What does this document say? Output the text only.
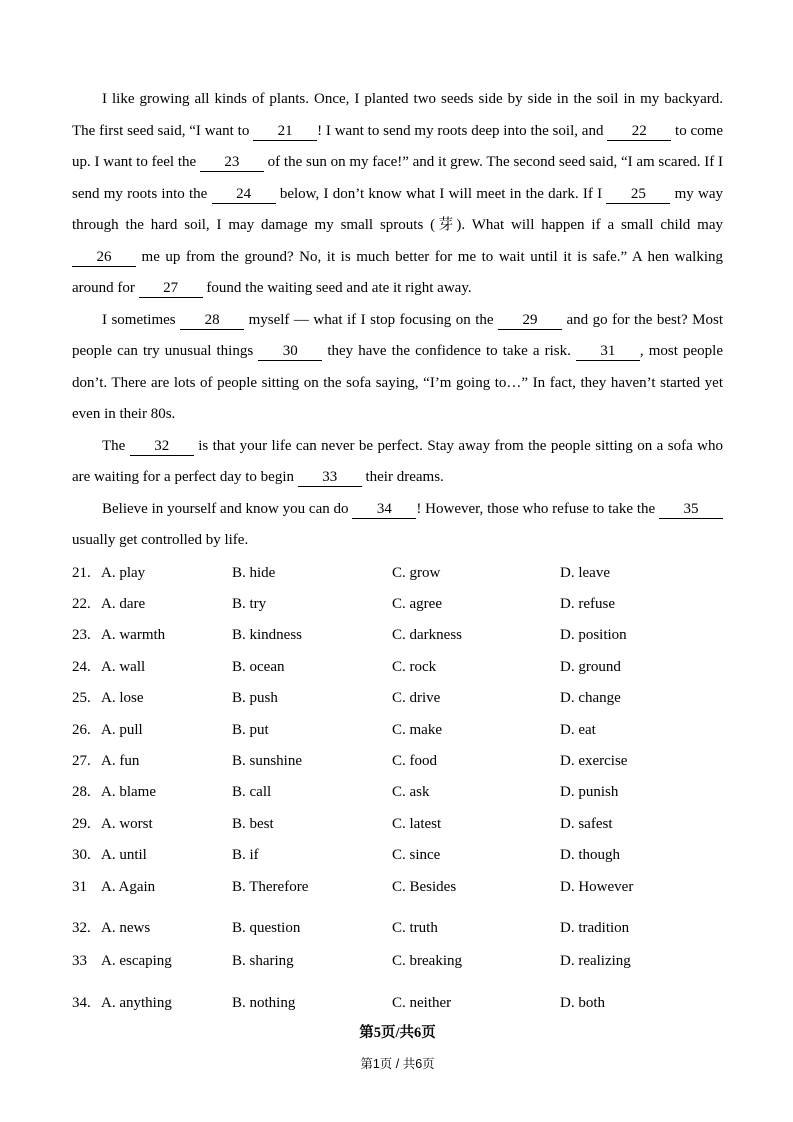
I like growing all kinds of plants. Once, I planted two seeds side by side in the soil in my backyard. The first seed said, “I want to 21 ! I want to send my roots deep into the soil, and 22 to come up. I want to feel the 23 of the sun on my face!” and it grew. The second seed said, “I am scared. If I send my roots into the 24 below, I don’t know what I will meet in the dark. If I 25 my way through the hard soil, I may damage my small sprouts (芽). What will happen if a small child may 26 me up from the ground? No, it is much better for me to wait until it is safe.” A hen walking around for 27 found the waiting seed and ate it right away.

I sometimes 28 myself — what if I stop focusing on the 29 and go for the best? Most people can try unusual things 30 they have the confidence to take a risk. 31 , most people don’t. There are lots of people sitting on the sofa saying, “I’m going to…” In fact, they haven’t started yet even in their 80s.

The 32 is that your life can never be perfect. Stay away from the people sitting on a sofa who are waiting for a perfect day to begin 33 their dreams.

Believe in yourself and know you can do 34 ! However, those who refuse to take the 35 usually get controlled by life.

21. A. play	B. hide	C. grow	D. leave
22. A. dare	B. try	C. agree	D. refuse
23. A. warmth	B. kindness	C. darkness	D. position
24. A. wall	B. ocean	C. rock	D. ground
25. A. lose	B. push	C. drive	D. change
26. A. pull	B. put	C. make	D. eat
27. A. fun	B. sunshine	C. food	D. exercise
28. A. blame	B. call	C. ask	D. punish
29. A. worst	B. best	C. latest	D. safest
30. A. until	B. if	C. since	D. though
31 A. Again	B. Therefore	C. Besides	D. However
32. A. news	B. question	C. truth	D. tradition
33 A. escaping	B. sharing	C. breaking	D. realizing
34. A. anything	B. nothing	C. neither	D. both
第5页/共6页
第1页 / 共6页
